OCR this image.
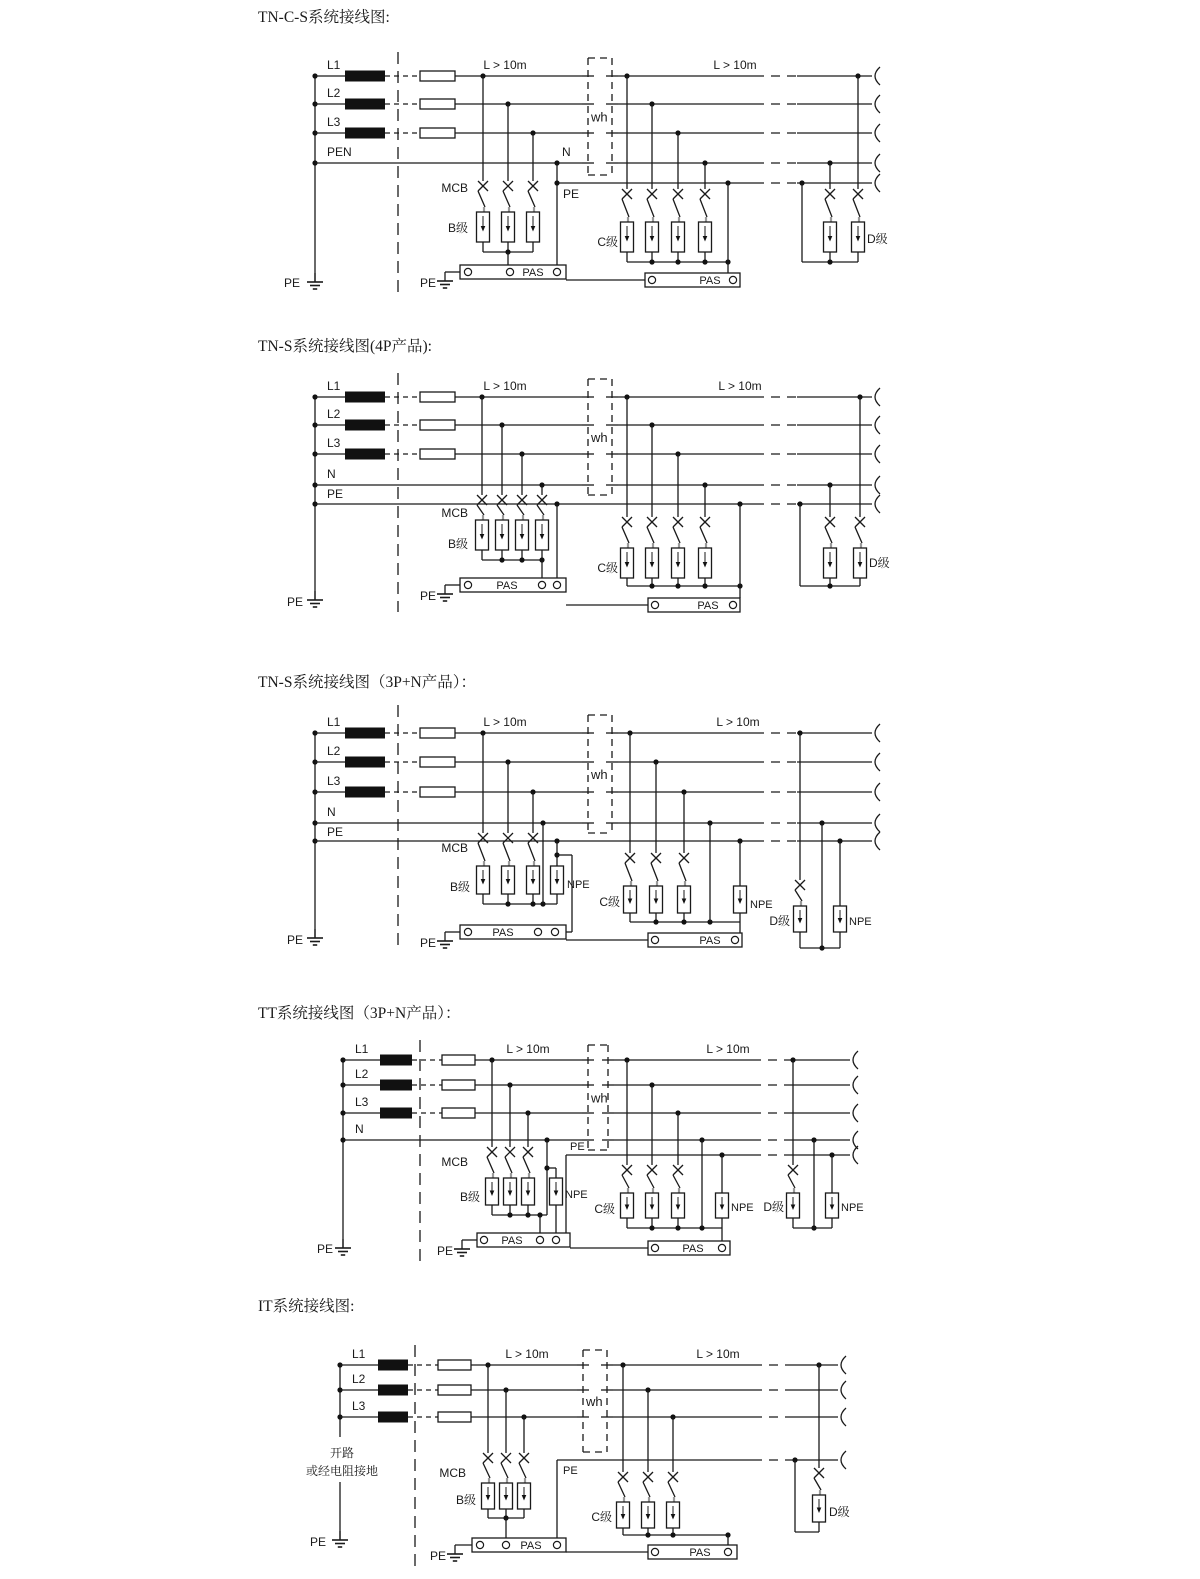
TN-C-S系统接线图:
L1
L2
L3
PEN
PE
N
PE
PE
wh
L > 10m	L > 10m
MCB
B级
PAS
C级
PAS
D级
TN-S系统接线图(4P产品):
L1
L2
L3
N
PE
PE	PE
wh
L > 10m	L > 10m
MCB
B级
PAS
C级
PAS
D级
TN-S系统接线图（3P+N产品）：
L1
L2
L3
N
PE
PE	PE
wh
L > 10m	L > 10m
NPE
MCB
B级
PAS
NPE
C级
PAS
D级	NPE
TT系统接线图（3P+N产品）：
L1
L2
L3
N
PE
PE
PE
wh
L > 10m	L > 10m
NPE
MCB
B级
PAS
NPE
C级
PAS
D级	NPE
IT系统接线图:
L1
L2
L3
开路
或经电阻接地
PE
PE
PE
wh
L > 10m	L > 10m
MCB
B级
PAS
C级
PAS
D级
